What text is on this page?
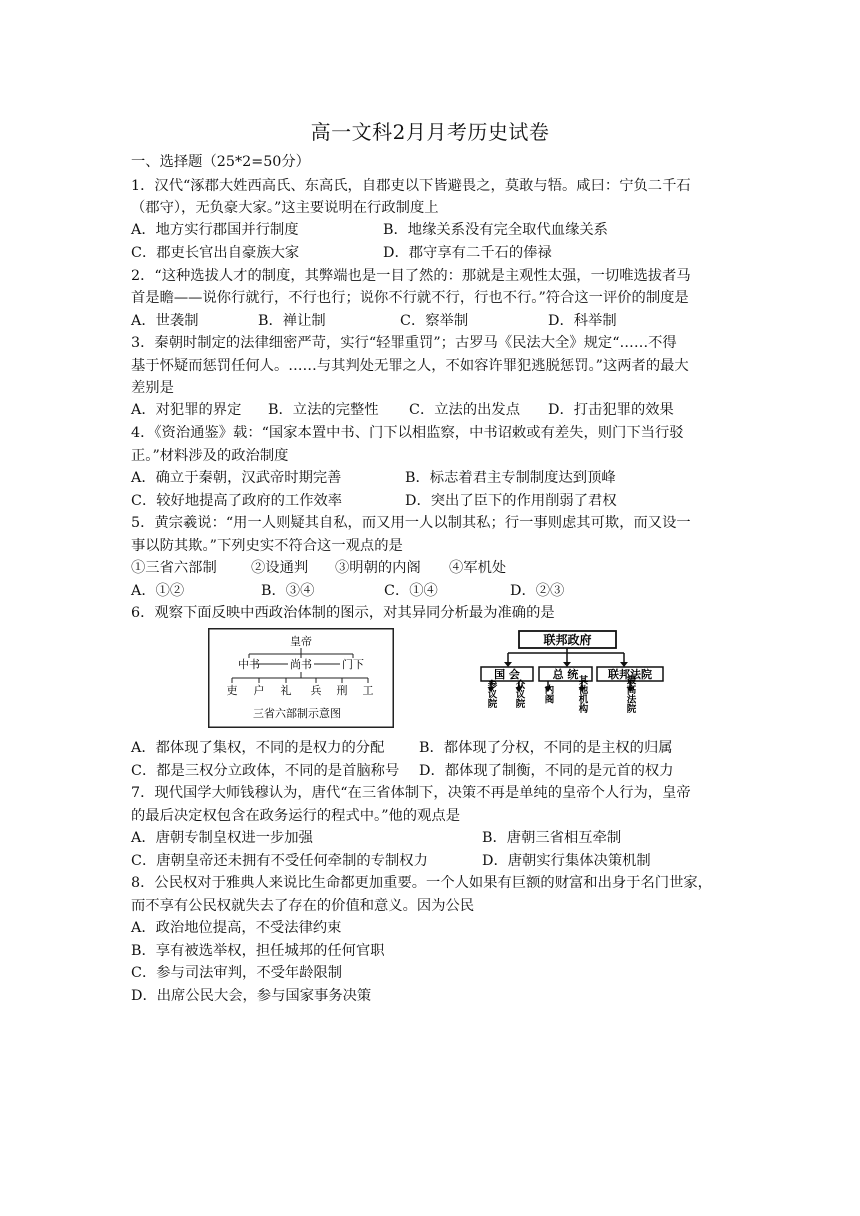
高一文科2月月考历史试卷
一、选择题（25*2=50分）
1．汉代“涿郡大姓西高氏、东高氏，自郡吏以下皆避畏之，莫敢与牾。咸曰：宁负二千石
（郡守），无负豪大家。”这主要说明在行政制度上
A．地方实行郡国并行制度	B．地缘关系没有完全取代血缘关系
C．郡吏长官出自豪族大家	D．郡守享有二千石的俸禄
2．“这种选拔人才的制度，其弊端也是一目了然的：那就是主观性太强，一切唯选拔者马
首是瞻——说你行就行，不行也行；说你不行就不行，行也不行。”符合这一评价的制度是
A．世袭制	B．禅让制	C．察举制	D．科举制
3．秦朝时制定的法律细密严苛，实行“轻罪重罚”；古罗马《民法大全》规定“……不得
基于怀疑而惩罚任何人。……与其判处无罪之人，不如容许罪犯逃脱惩罚。”这两者的最大
差别是
A．对犯罪的界定 B．立法的完整性 C．立法的出发点 D．打击犯罪的效果
4．《资治通鉴》载：“国家本置中书、门下以相监察，中书诏敕或有差失，则门下当行驳
正。”材料涉及的政治制度
A．确立于秦朝，汉武帝时期完善	B．标志着君主专制制度达到顶峰
C．较好地提高了政府的工作效率	D．突出了臣下的作用削弱了君权
5．黄宗羲说：“用一人则疑其自私，而又用一人以制其私；行一事则虑其可欺，而又设一
事以防其欺。”下列史实不符合这一观点的是
①三省六部制 ②设通判 ③明朝的内阁 ④军机处
A．①②	B．③④	C．①④	D．②③
6．观察下面反映中西政治体制的图示，对其异同分析最为准确的是
皇帝
中书	尚书	门下
吏 户 礼 兵 刑 工
三省六部制示意图
联邦政府
国 会	总 统	联邦法院
参议院 众议院 内阁 其他机构	最高法院
A．都体现了集权，不同的是权力的分配 B．都体现了分权，不同的是主权的归属
C．都是三权分立政体，不同的是首脑称号 D．都体现了制衡，不同的是元首的权力
7．现代国学大师钱穆认为，唐代“在三省体制下，决策不再是单纯的皇帝个人行为，皇帝
的最后决定权包含在政务运行的程式中。”他的观点是
A．唐朝专制皇权进一步加强	B．唐朝三省相互牵制
C．唐朝皇帝还未拥有不受任何牵制的专制权力	D．唐朝实行集体决策机制
8．公民权对于雅典人来说比生命都更加重要。一个人如果有巨额的财富和出身于名门世家，
而不享有公民权就失去了存在的价值和意义。因为公民
A．政治地位提高，不受法律约束
B．享有被选举权，担任城邦的任何官职
C．参与司法审判，不受年龄限制
D．出席公民大会，参与国家事务决策
